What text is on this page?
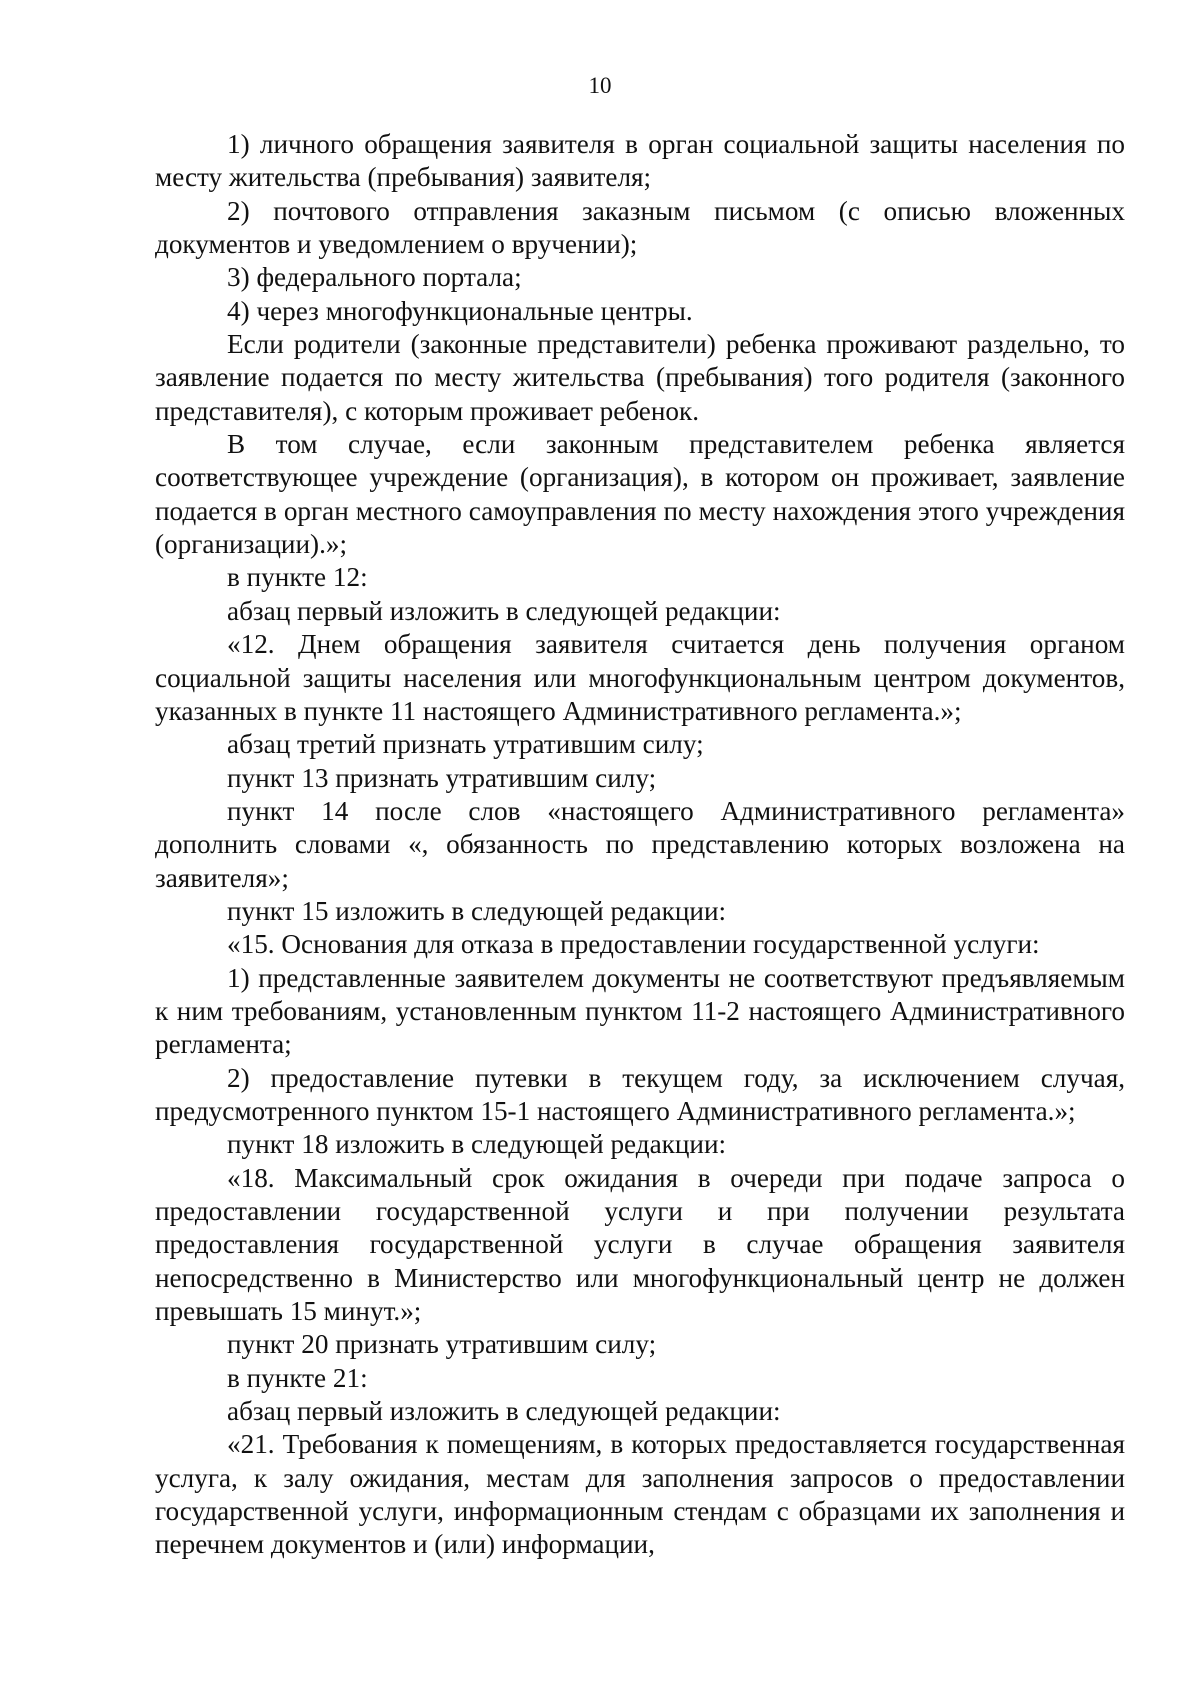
10

1) личного обращения заявителя в орган социальной защиты населения по месту жительства (пребывания) заявителя;

2) почтового отправления заказным письмом (с описью вложенных документов и уведомлением о вручении);

3) федерального портала;

4) через многофункциональные центры.

Если родители (законные представители) ребенка проживают раздельно, то заявление подается по месту жительства (пребывания) того родителя (законного представителя), с которым проживает ребенок.

В том случае, если законным представителем ребенка является соответствующее учреждение (организация), в котором он проживает, заявление подается в орган местного самоуправления по месту нахождения этого учреждения (организации).»;

в пункте 12:

абзац первый изложить в следующей редакции:

«12. Днем обращения заявителя считается день получения органом социальной защиты населения или многофункциональным центром документов, указанных в пункте 11 настоящего Административного регламента.»;

абзац третий признать утратившим силу;

пункт 13 признать утратившим силу;

пункт 14 после слов «настоящего Административного регламента» дополнить словами «, обязанность по представлению которых возложена на заявителя»;

пункт 15 изложить в следующей редакции:

«15. Основания для отказа в предоставлении государственной услуги:

1) представленные заявителем документы не соответствуют предъявляемым к ним требованиям, установленным пунктом 11-2 настоящего Административного регламента;

2) предоставление путевки в текущем году, за исключением случая, предусмотренного пунктом 15-1 настоящего Административного регламента.»;

пункт 18 изложить в следующей редакции:

«18. Максимальный срок ожидания в очереди при подаче запроса о предоставлении государственной услуги и при получении результата предоставления государственной услуги в случае обращения заявителя непосредственно в Министерство или многофункциональный центр не должен превышать 15 минут.»;

пункт 20 признать утратившим силу;

в пункте 21:

абзац первый изложить в следующей редакции:

«21. Требования к помещениям, в которых предоставляется государственная услуга, к залу ожидания, местам для заполнения запросов о предоставлении государственной услуги, информационным стендам с образцами их заполнения и перечнем документов и (или) информации,
